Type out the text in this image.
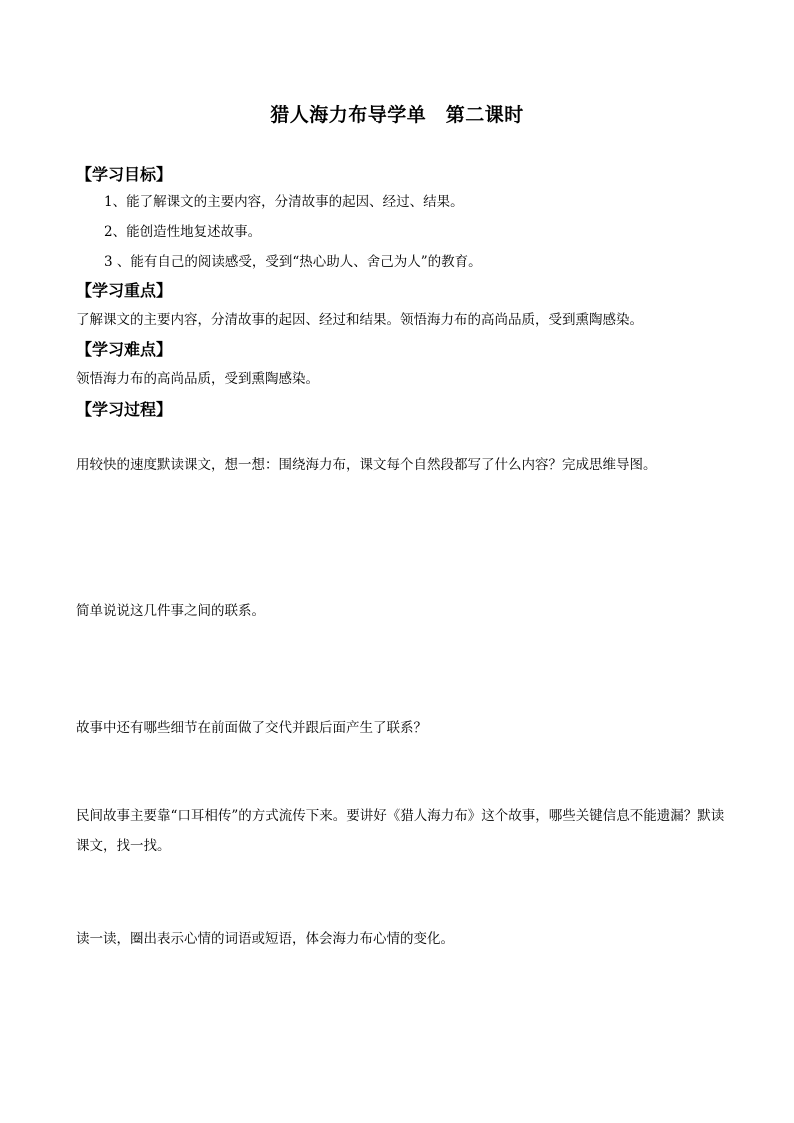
猎人海力布导学单　第二课时
【学习目标】
1、能了解课文的主要内容，分清故事的起因、经过、结果。
2、能创造性地复述故事。
3 、能有自己的阅读感受，受到“热心助人、舍己为人”的教育。
【学习重点】
了解课文的主要内容，分清故事的起因、经过和结果。领悟海力布的高尚品质，受到熏陶感染。
【学习难点】
领悟海力布的高尚品质，受到熏陶感染。
【学习过程】
用较快的速度默读课文，想一想：围绕海力布，课文每个自然段都写了什么内容？完成思维导图。
简单说说这几件事之间的联系。
故事中还有哪些细节在前面做了交代并跟后面产生了联系？
民间故事主要靠“口耳相传”的方式流传下来。要讲好《猎人海力布》这个故事，哪些关键信息不能遗漏？默读课文，找一找。
读一读，圈出表示心情的词语或短语，体会海力布心情的变化。
